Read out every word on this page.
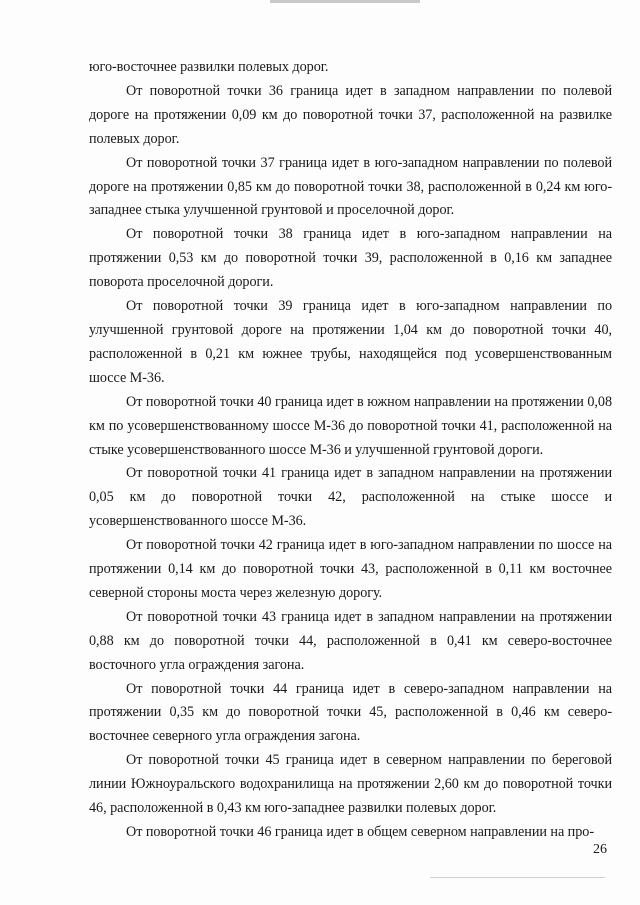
юго-восточнее развилки полевых дорог.

От поворотной точки 36 граница идет в западном направлении по полевой дороге на протяжении 0,09 км до поворотной точки 37, расположенной на развилке полевых дорог.

От поворотной точки 37 граница идет в юго-западном направлении по полевой дороге на протяжении 0,85 км до поворотной точки 38, расположенной в 0,24 км юго-западнее стыка улучшенной грунтовой и проселочной дорог.

От поворотной точки 38 граница идет в юго-западном направлении на протяжении 0,53 км до поворотной точки 39, расположенной в 0,16 км западнее поворота проселочной дороги.

От поворотной точки 39 граница идет в юго-западном направлении по улучшенной грунтовой дороге на протяжении 1,04 км до поворотной точки 40, расположенной в 0,21 км южнее трубы, находящейся под усовершенствованным шоссе М-36.

От поворотной точки 40 граница идет в южном направлении на протяжении 0,08 км по усовершенствованному шоссе М-36 до поворотной точки 41, расположенной на стыке усовершенствованного шоссе М-36 и улучшенной грунтовой дороги.

От поворотной точки 41 граница идет в западном направлении на протяжении 0,05 км до поворотной точки 42, расположенной на стыке шоссе и усовершенствованного шоссе М-36.

От поворотной точки 42 граница идет в юго-западном направлении по шоссе на протяжении 0,14 км до поворотной точки 43, расположенной в 0,11 км восточнее северной стороны моста через железную дорогу.

От поворотной точки 43 граница идет в западном направлении на протяжении 0,88 км до поворотной точки 44, расположенной в 0,41 км северо-восточнее восточного угла ограждения загона.

От поворотной точки 44 граница идет в северо-западном направлении на протяжении 0,35 км до поворотной точки 45, расположенной в 0,46 км северо-восточнее северного угла ограждения загона.

От поворотной точки 45 граница идет в северном направлении по береговой линии Южноуральского водохранилища на протяжении 2,60 км до поворотной точки 46, расположенной в 0,43 км юго-западнее развилки полевых дорог.

От поворотной точки 46 граница идет в общем северном направлении на про-

26
